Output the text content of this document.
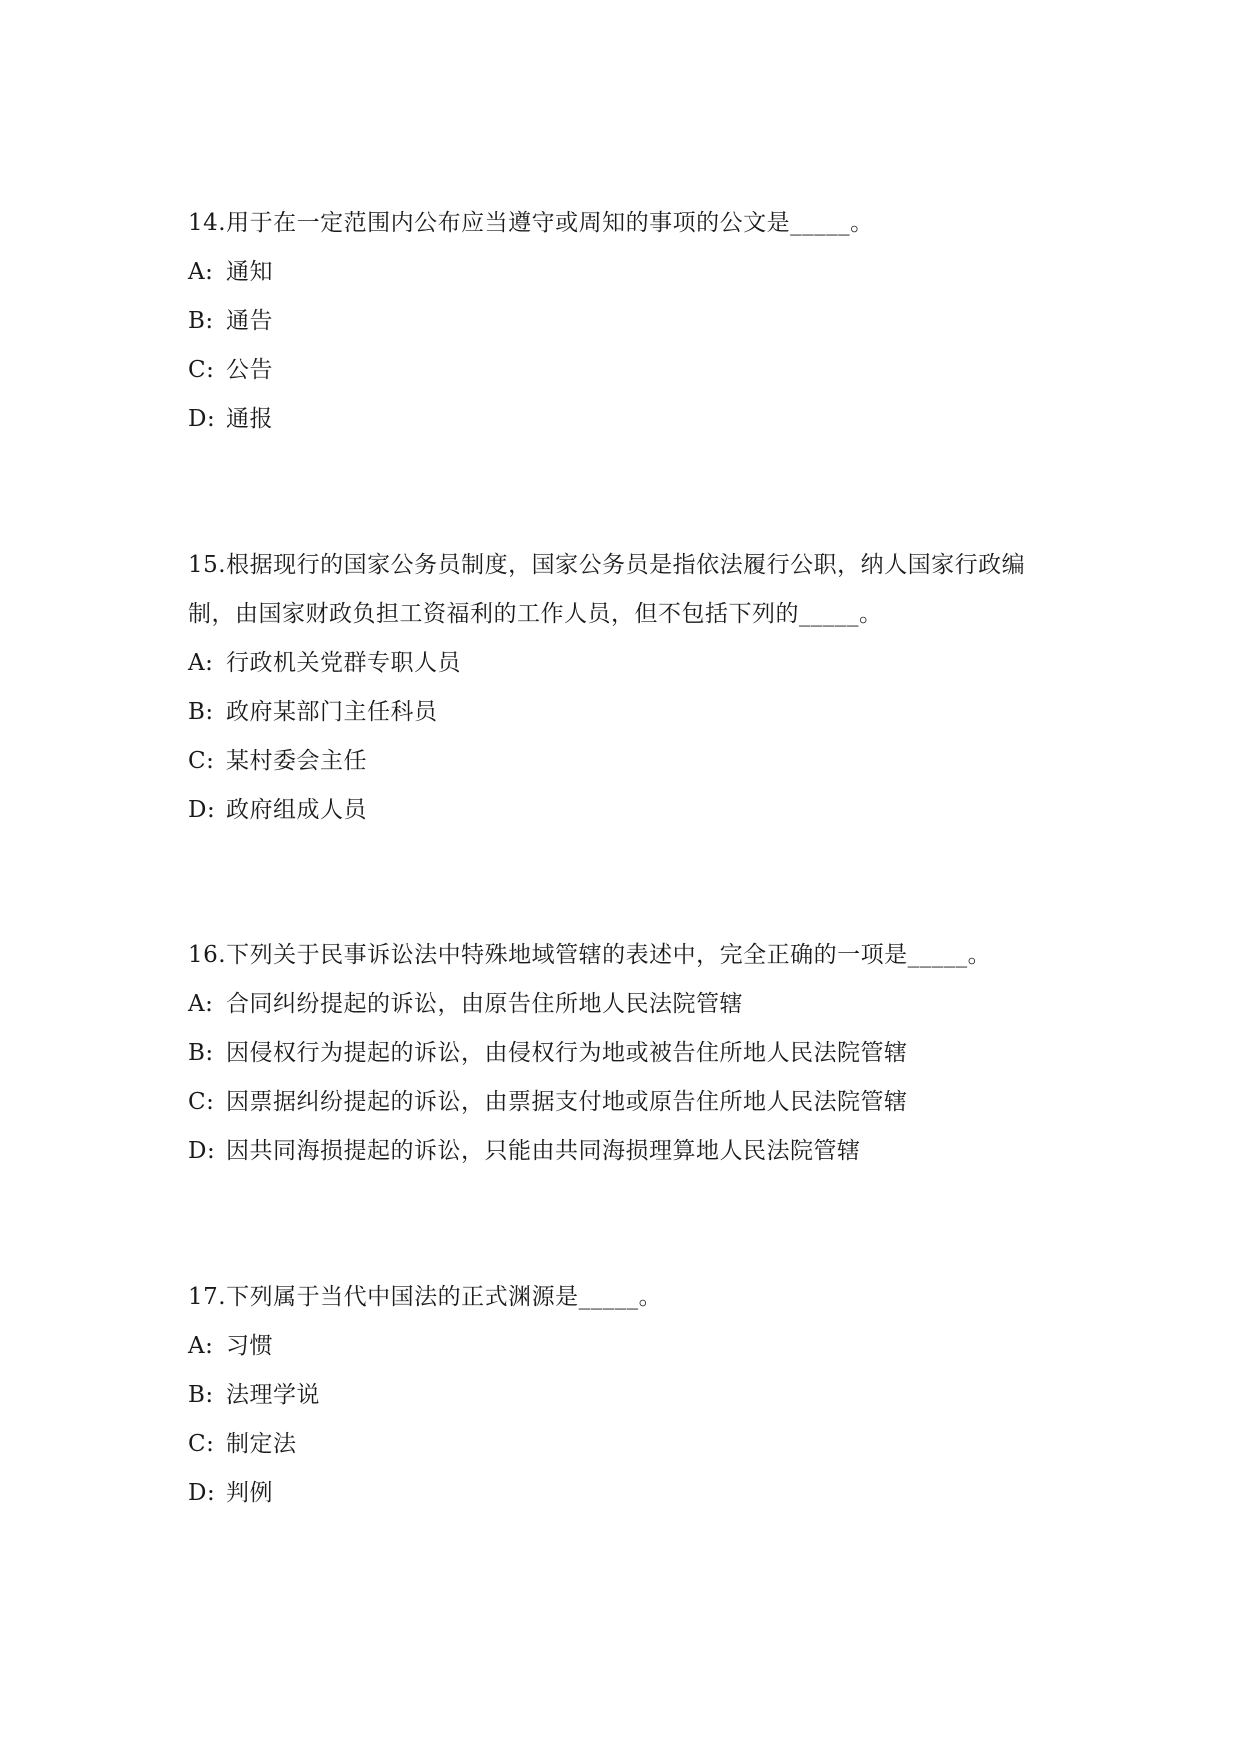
14.用于在一定范围内公布应当遵守或周知的事项的公文是_____。

A: 通知
B: 通告
C: 公告
D: 通报

15.根据现行的国家公务员制度，国家公务员是指依法履行公职，纳人国家行政编制，由国家财政负担工资福利的工作人员，但不包括下列的_____。

A: 行政机关党群专职人员
B: 政府某部门主任科员
C: 某村委会主任
D: 政府组成人员

16.下列关于民事诉讼法中特殊地域管辖的表述中，完全正确的一项是_____。

A: 合同纠纷提起的诉讼，由原告住所地人民法院管辖
B: 因侵权行为提起的诉讼，由侵权行为地或被告住所地人民法院管辖
C: 因票据纠纷提起的诉讼，由票据支付地或原告住所地人民法院管辖
D: 因共同海损提起的诉讼，只能由共同海损理算地人民法院管辖

17.下列属于当代中国法的正式渊源是_____。

A: 习惯
B: 法理学说
C: 制定法
D: 判例
